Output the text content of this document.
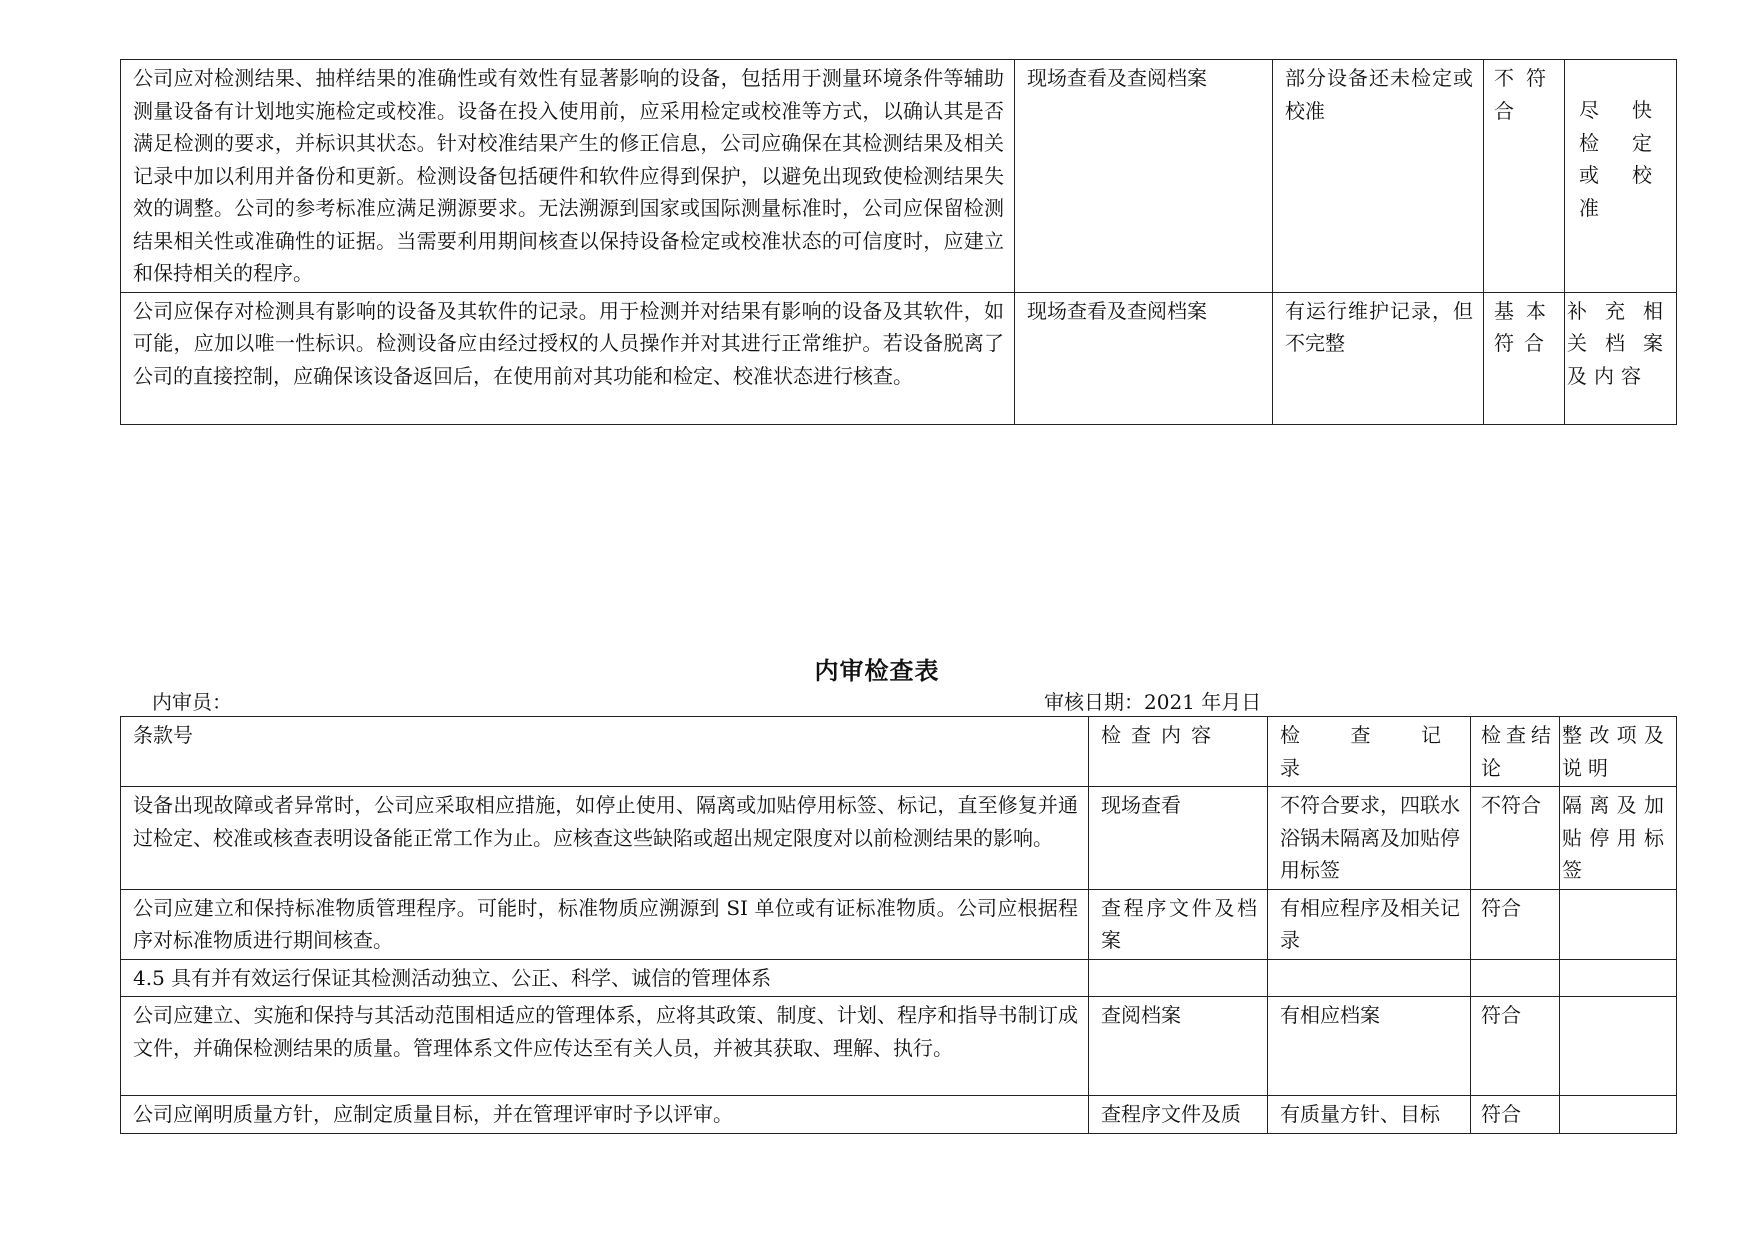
公司应对检测结果、抽样结果的准确性或有效性有显著影响的设备，包括用于测量环境条件等辅助测量设备有计划地实施检定或校准。设备在投入使用前，应采用检定或校准等方式，以确认其是否满足检测的要求，并标识其状态。针对校准结果产生的修正信息，公司应确保在其检测结果及相关记录中加以利用并备份和更新。检测设备包括硬件和软件应得到保护，以避免出现致使检测结果失效的调整。公司的参考标准应满足溯源要求。无法溯源到国家或国际测量标准时，公司应保留检测结果相关性或准确性的证据。当需要利用期间核查以保持设备检定或校准状态的可信度时，应建立和保持相关的程序。	现场查看及查阅档案	部分设备还未检定或校准	不符合	尽快检定或校准

公司应保存对检测具有影响的设备及其软件的记录。用于检测并对结果有影响的设备及其软件，如可能，应加以唯一性标识。检测设备应由经过授权的人员操作并对其进行正常维护。若设备脱离了公司的直接控制，应确保该设备返回后，在使用前对其功能和检定、校准状态进行核查。	现场查看及查阅档案	有运行维护记录，但不完整	基本符合	补充相关档案及内容
内审检查表
内审员：	审核日期：2021 年月日
条款号	检查内容	检 查 记 录	检查结论	整改项及说明
设备出现故障或者异常时，公司应采取相应措施，如停止使用、隔离或加贴停用标签、标记，直至修复并通过检定、校准或核查表明设备能正常工作为止。应核查这些缺陷或超出规定限度对以前检测结果的影响。	现场查看	不符合要求，四联水浴锅未隔离及加贴停用标签	不符合	隔离及加贴停用标签
公司应建立和保持标准物质管理程序。可能时，标准物质应溯源到 SI 单位或有证标准物质。公司应根据程序对标准物质进行期间核查。	查程序文件及档案	有相应程序及相关记录	符合	
4.5 具有并有效运行保证其检测活动独立、公正、科学、诚信的管理体系				
公司应建立、实施和保持与其活动范围相适应的管理体系，应将其政策、制度、计划、程序和指导书制订成文件，并确保检测结果的质量。管理体系文件应传达至有关人员，并被其获取、理解、执行。	查阅档案	有相应档案	符合	
公司应阐明质量方针，应制定质量目标，并在管理评审时予以评审。	查程序文件及质	有质量方针、目标	符合	
